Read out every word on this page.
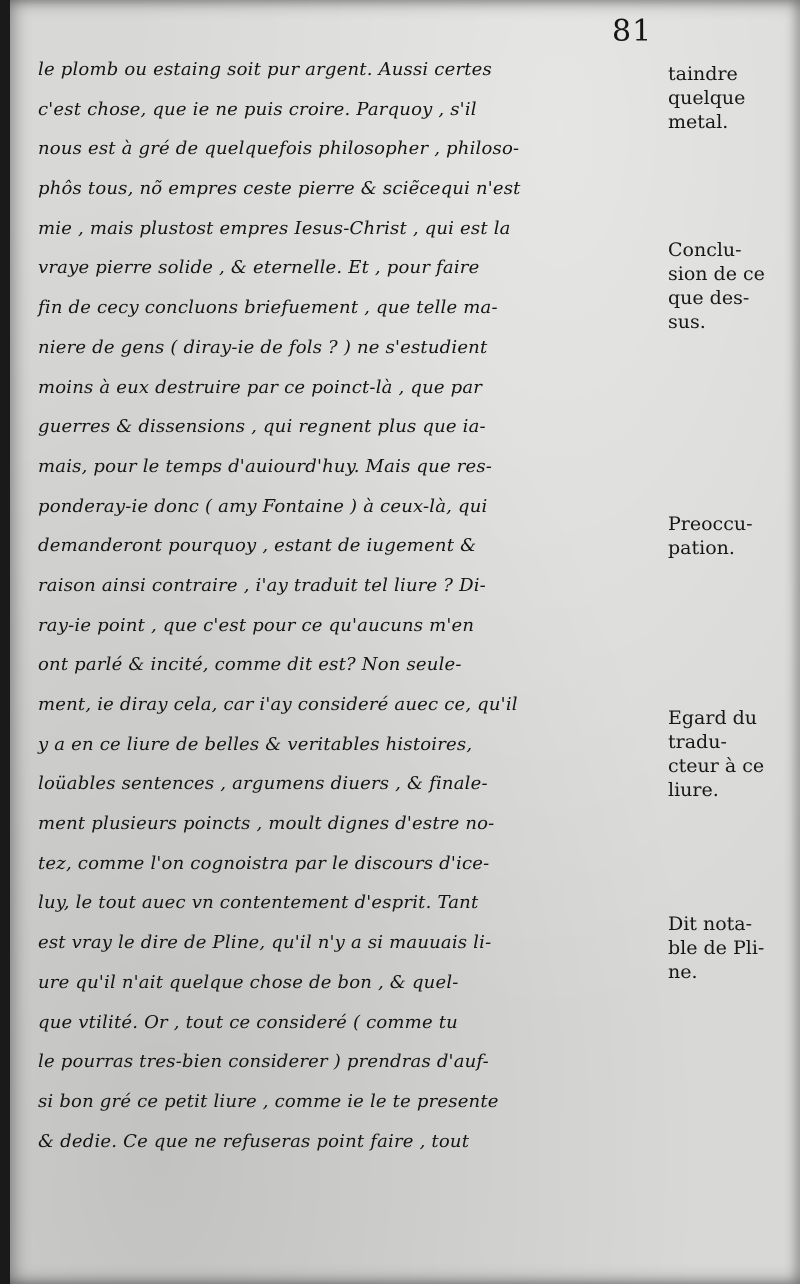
81
le plomb ou estaing soit pur argent. Aussi certes
c'est chose, que ie ne puis croire. Parquoy , s'il
nous est à gré de quelquefois philosopher , philoso-
phôs tous, nõ empres ceste pierre & sciẽcequi n'est
mie , mais plustost empres Iesus-Christ , qui est la
vraye pierre solide , & eternelle. Et , pour faire
fin de cecy concluons briefuement , que telle ma-
niere de gens ( diray-ie de fols ? ) ne s'estudient
moins à eux destruire par ce poinct-là , que par
guerres & dissensions , qui regnent plus que ia-
mais, pour le temps d'auiourd'huy. Mais que res-
ponderay-ie donc ( amy Fontaine ) à ceux-là, qui
demanderont pourquoy , estant de iugement &
raison ainsi contraire , i'ay traduit tel liure ? Di-
ray-ie point , que c'est pour ce qu'aucuns m'en
ont parlé & incité, comme dit est? Non seule-
ment, ie diray cela, car i'ay consideré auec ce, qu'il
y a en ce liure de belles & veritables histoires,
loüables sentences , argumens diuers , & finale-
ment plusieurs poincts , moult dignes d'estre no-
tez, comme l'on cognoistra par le discours d'ice-
luy, le tout auec vn contentement d'esprit. Tant
est vray le dire de Pline, qu'il n'y a si mauuais li-
ure qu'il n'ait quelque chose de bon , & quel-
que vtilité. Or , tout ce consideré ( comme tu
le pourras tres-bien considerer ) prendras d'auf-
si bon gré ce petit liure , comme ie le te presente
& dedie. Ce que ne refuseras point faire , tout
taindre
quelque
metal.
Conclu-
sion de ce
que des-
sus.
Preoccu-
pation.
Egard du
tradu-
cteur à ce
liure.
Dit nota-
ble de Pli-
ne.
